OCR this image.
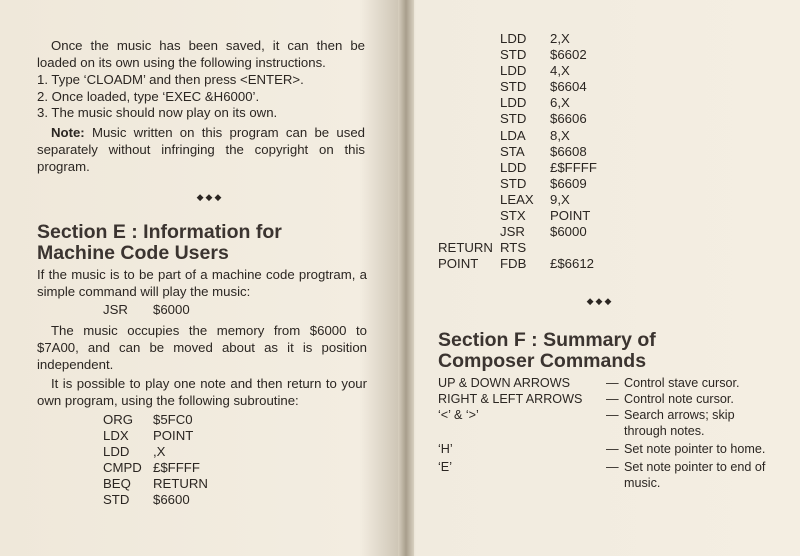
Once the music has been saved, it can then be loaded on its own using the following instructions.

1. Type ‘CLOADM’ and then press <ENTER>.
2. Once loaded, type ‘EXEC &H6000’.
3. The music should now play on its own.

Note: Music written on this program can be used separately without infringing the copyright on this program.

◆◆◆
Section E : Information for
Machine Code Users

If the music is to be part of a machine code progtram, a simple command will play the music:

JSR	$6000

The music occupies the memory from $6000 to $7A00, and can be moved about as it is position independent.

It is possible to play one note and then return to your own program, using the following subroutine:

ORG	$5FC0
LDX	POINT
LDD	,X
CMPD £$FFFF
BEQ	RETURN
STD	$6600
LDD	2,X
STD	$6602
LDD	4,X
STD	$6604
LDD	6,X
STD	$6606
LDA	8,X
STA	$6608
LDD	£$FFFF
STD	$6609
LEAX	9,X
STX	POINT
JSR	$6000
RETURN RTS
POINT	FDB	£$6612
◆◆◆
Section F : Summary of
Composer Commands
UP & DOWN ARROWS	— Control stave cursor.
RIGHT & LEFT ARROWS	— Control note cursor.
‘<’ & ‘>’	— Search arrows; skip through notes.
‘H’	— Set note pointer to home.
‘E’	— Set note pointer to end of music.
